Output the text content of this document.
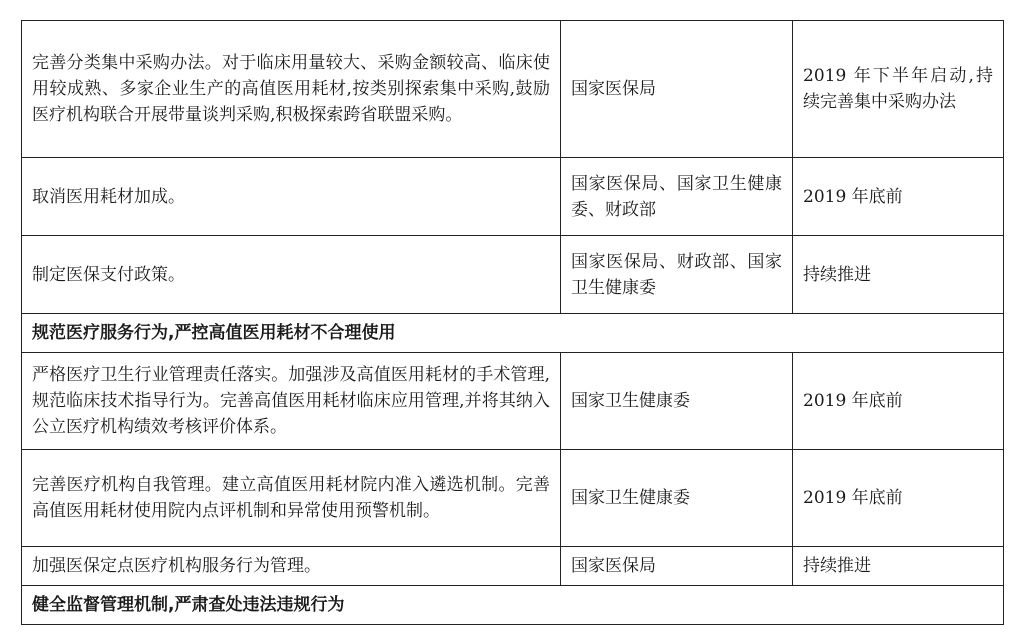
完善分类集中采购办法。对于临床用量较大、采购金额较高、临床使用较成熟、多家企业生产的高值医用耗材,按类别探索集中采购,鼓励医疗机构联合开展带量谈判采购,积极探索跨省联盟采购。	国家医保局	2019 年下半年启动,持续完善集中采购办法
取消医用耗材加成。	国家医保局、国家卫生健康委、财政部	2019 年底前
制定医保支付政策。	国家医保局、财政部、国家卫生健康委	持续推进
规范医疗服务行为,严控高值医用耗材不合理使用		
严格医疗卫生行业管理责任落实。加强涉及高值医用耗材的手术管理,规范临床技术指导行为。完善高值医用耗材临床应用管理,并将其纳入公立医疗机构绩效考核评价体系。	国家卫生健康委	2019 年底前
完善医疗机构自我管理。建立高值医用耗材院内准入遴选机制。完善高值医用耗材使用院内点评机制和异常使用预警机制。	国家卫生健康委	2019 年底前
加强医保定点医疗机构服务行为管理。	国家医保局	持续推进
健全监督管理机制,严肃查处违法违规行为		
